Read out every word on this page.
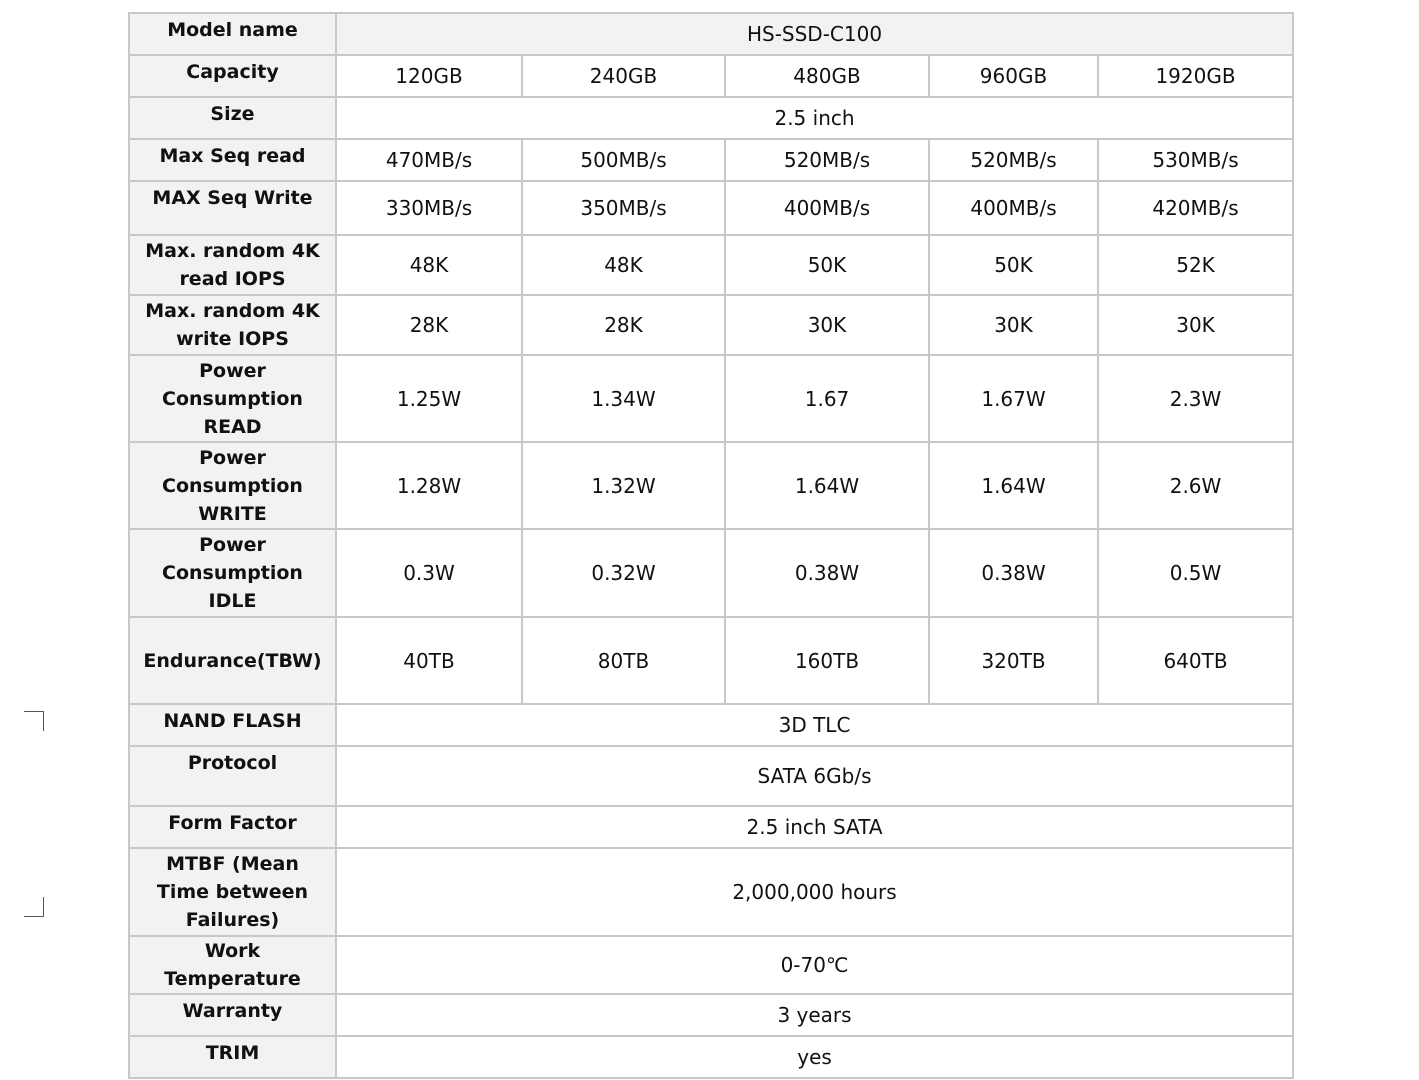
Model name	HS-SSD-C100				
Capacity	120GB	240GB	480GB	960GB	1920GB
Size	2.5 inch				
Max Seq read	470MB/s	500MB/s	520MB/s	520MB/s	530MB/s
MAX Seq Write	330MB/s	350MB/s	400MB/s	400MB/s	420MB/s
Max. random 4K
read IOPS	48K	48K	50K	50K	52K
Max. random 4K
write IOPS	28K	28K	30K	30K	30K
Power
Consumption
READ	1.25W	1.34W	1.67	1.67W	2.3W
Power
Consumption
WRITE	1.28W	1.32W	1.64W	1.64W	2.6W
Power
Consumption
IDLE	0.3W	0.32W	0.38W	0.38W	0.5W
Endurance(TBW)	40TB	80TB	160TB	320TB	640TB
NAND FLASH	3D TLC				
Protocol	SATA 6Gb/s				
Form Factor	2.5 inch SATA				
MTBF (Mean
Time between
Failures)	2,000,000 hours				
Work
Temperature	0-70℃				
Warranty	3 years				
TRIM	yes				
